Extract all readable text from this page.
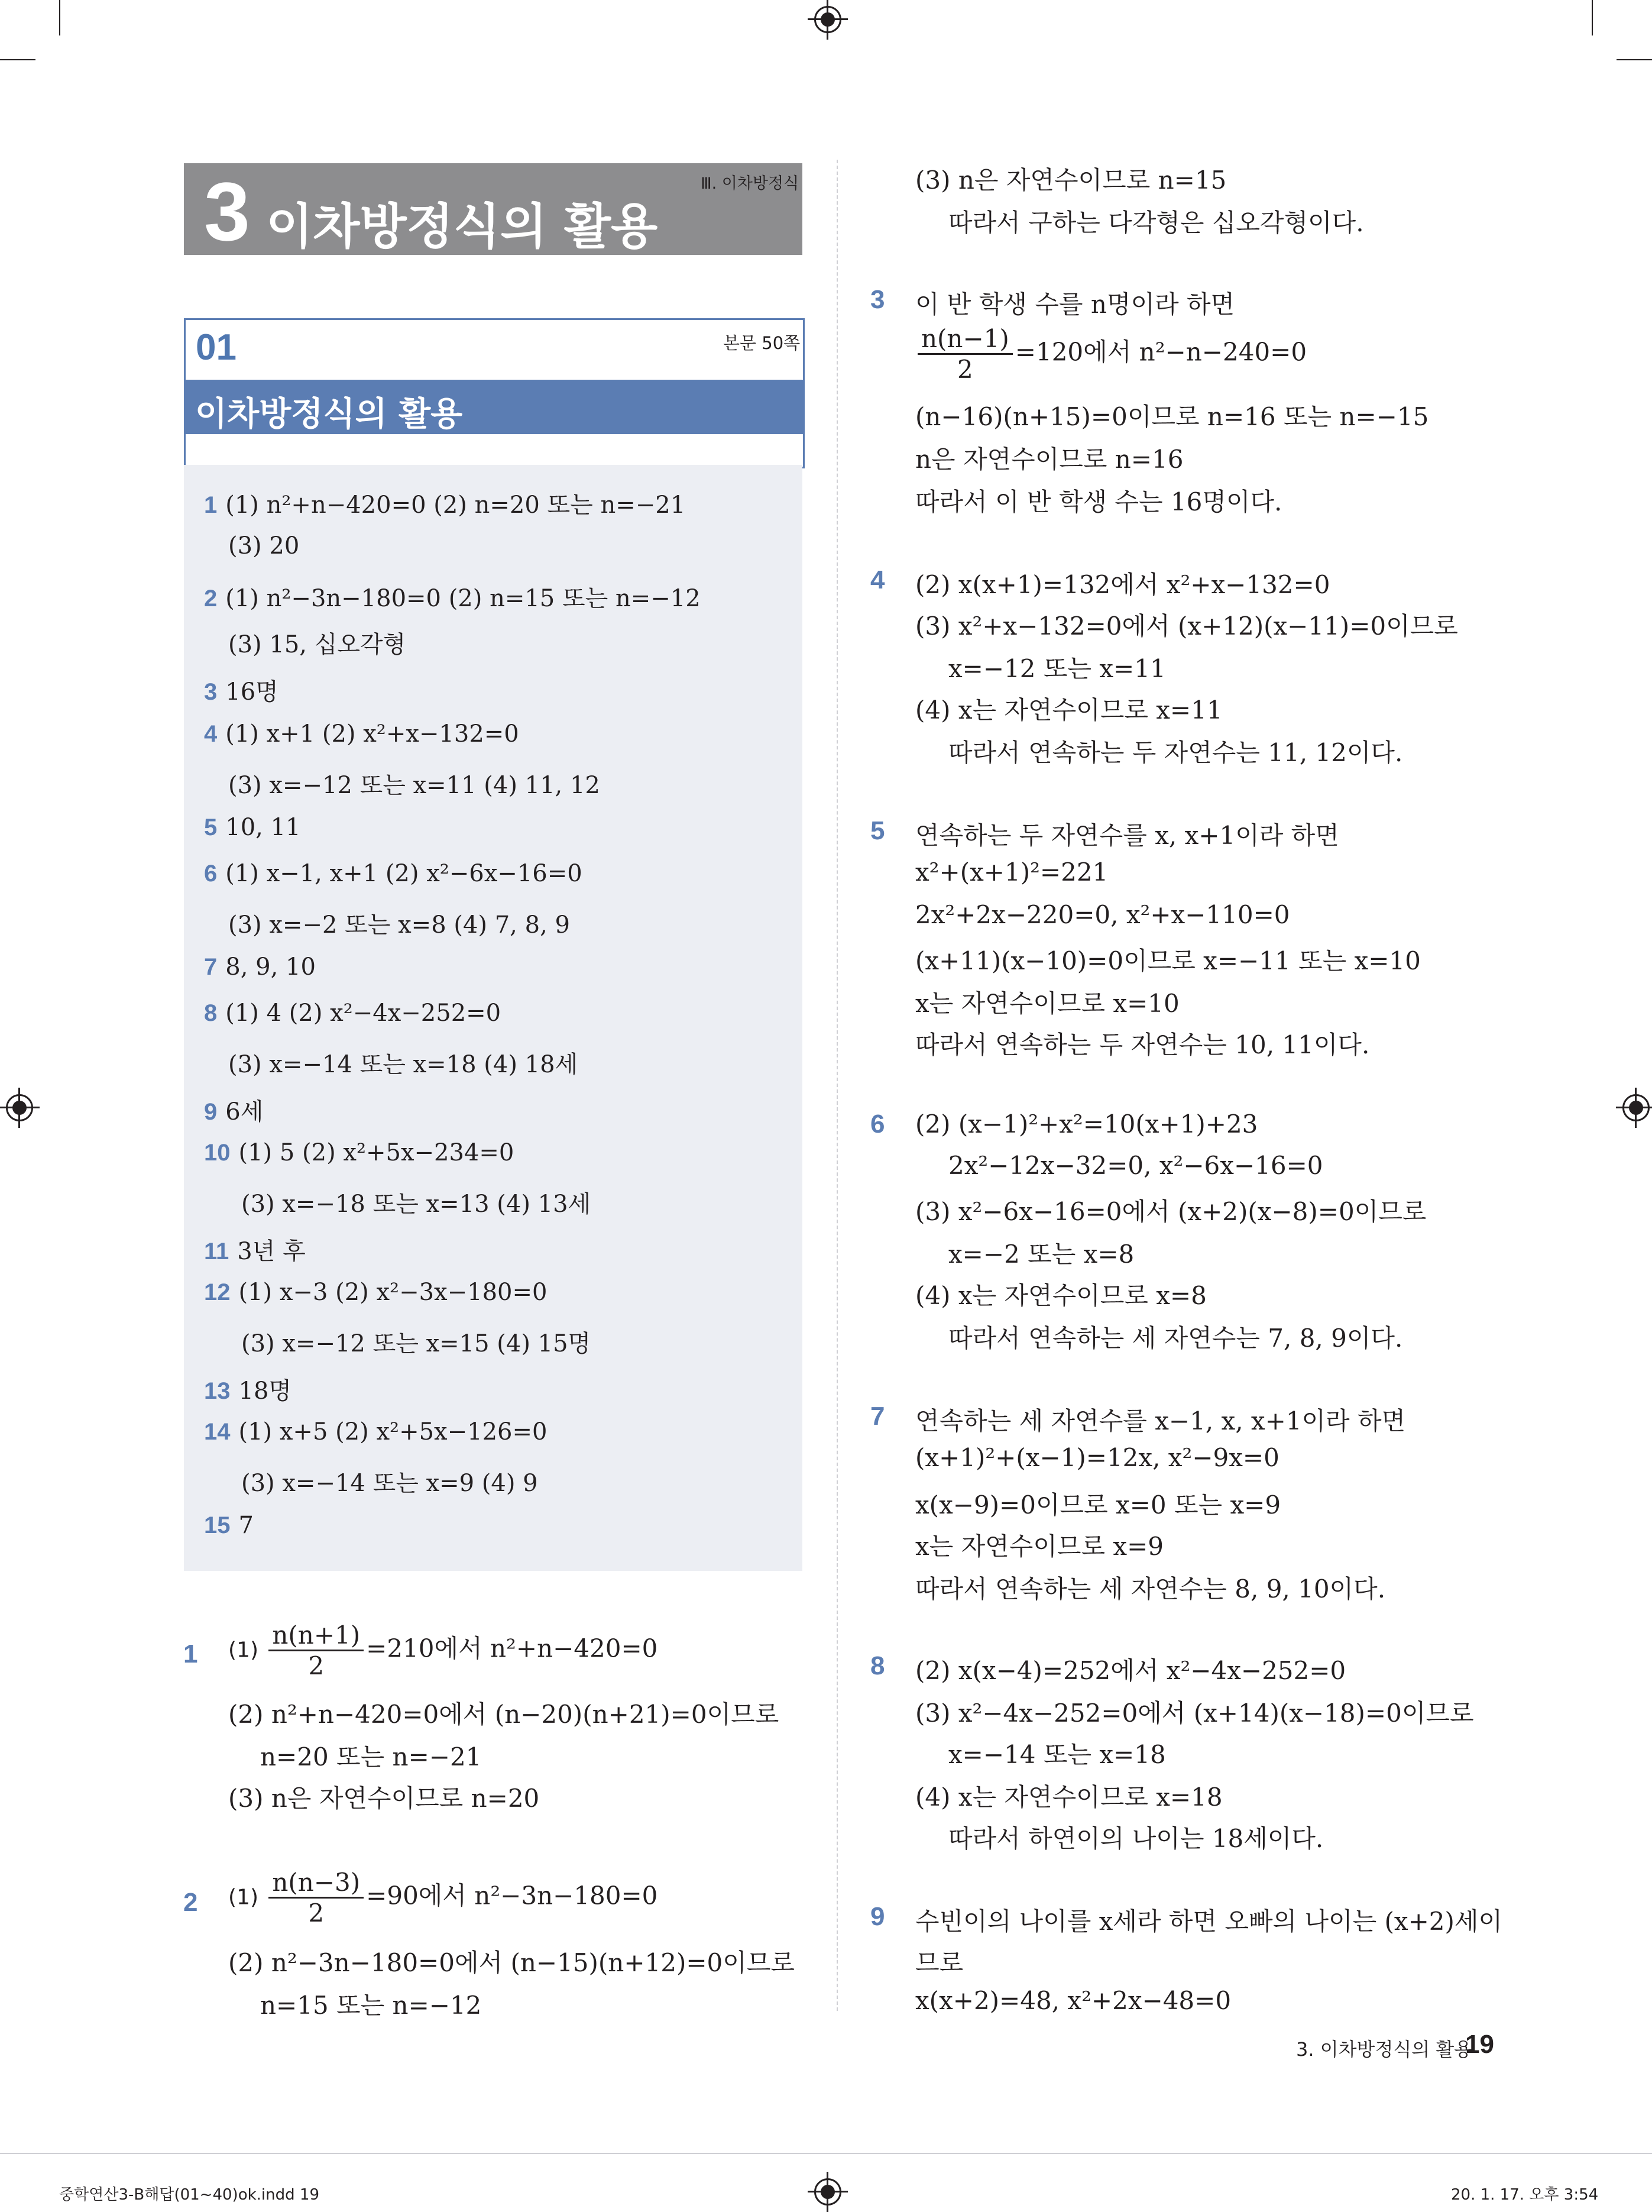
3 이차방정식의 활용
Ⅲ. 이차방정식
01	본문 50쪽
이차방정식의 활용
1 (1) n²+n−420=0 (2) n=20 또는 n=−21
(3) 20
2 (1) n²−3n−180=0 (2) n=15 또는 n=−12
(3) 15, 십오각형
3 16명
4 (1) x+1 (2) x²+x−132=0
(3) x=−12 또는 x=11 (4) 11, 12
5 10, 11
6 (1) x−1, x+1 (2) x²−6x−16=0
(3) x=−2 또는 x=8 (4) 7, 8, 9
7 8, 9, 10
8 (1) 4 (2) x²−4x−252=0
(3) x=−14 또는 x=18 (4) 18세
9 6세
10 (1) 5 (2) x²+5x−234=0
(3) x=−18 또는 x=13 (4) 13세
11 3년 후
12 (1) x−3 (2) x²−3x−180=0
(3) x=−12 또는 x=15 (4) 15명
13 18명
14 (1) x+5 (2) x²+5x−126=0
(3) x=−14 또는 x=9 (4) 9
15 7
1 $(1) \frac{n(n+1)}{2} =210$에서 n²+n−420=0
(2) n²+n−420=0에서 (n−20)(n+21)=0이므로
n=20 또는 n=−21
(3) n은 자연수이므로 n=20
2 $(1) \frac{n(n-3)}{2} =90$에서 n²−3n−180=0
(2) n²−3n−180=0에서 (n−15)(n+12)=0이므로
n=15 또는 n=−12
(3) n은 자연수이므로 n=15
따라서 구하는 다각형은 십오각형이다.
3 이 반 학생 수를 n명이라 하면
$\frac{n(n-1)}{2} =120$에서 n²−n−240=0
(n−16)(n+15)=0이므로 n=16 또는 n=−15
n은 자연수이므로 n=16
따라서 이 반 학생 수는 16명이다.
4 (2) x(x+1)=132에서 x²+x−132=0
(3) x²+x−132=0에서 (x+12)(x−11)=0이므로
x=−12 또는 x=11
(4) x는 자연수이므로 x=11
따라서 연속하는 두 자연수는 11, 12이다.
5 연속하는 두 자연수를 x, x+1이라 하면
x²+(x+1)²=221
2x²+2x−220=0, x²+x−110=0
(x+11)(x−10)=0이므로 x=−11 또는 x=10
x는 자연수이므로 x=10
따라서 연속하는 두 자연수는 10, 11이다.
6 (2) (x−1)²+x²=10(x+1)+23
2x²−12x−32=0, x²−6x−16=0
(3) x²−6x−16=0에서 (x+2)(x−8)=0이므로
x=−2 또는 x=8
(4) x는 자연수이므로 x=8
따라서 연속하는 세 자연수는 7, 8, 9이다.
7 연속하는 세 자연수를 x−1, x, x+1이라 하면
(x+1)²+(x−1)=12x, x²−9x=0
x(x−9)=0이므로 x=0 또는 x=9
x는 자연수이므로 x=9
따라서 연속하는 세 자연수는 8, 9, 10이다.
8 (2) x(x−4)=252에서 x²−4x−252=0
(3) x²−4x−252=0에서 (x+14)(x−18)=0이므로
x=−14 또는 x=18
(4) x는 자연수이므로 x=18
따라서 하연이의 나이는 18세이다.
9 수빈이의 나이를 x세라 하면 오빠의 나이는 (x+2)세이
므로
x(x+2)=48, x²+2x−48=0
3. 이차방정식의 활용
19
중학연산3-B해답(01~40)ok.indd 19	20. 1. 17. 오후 3:54
